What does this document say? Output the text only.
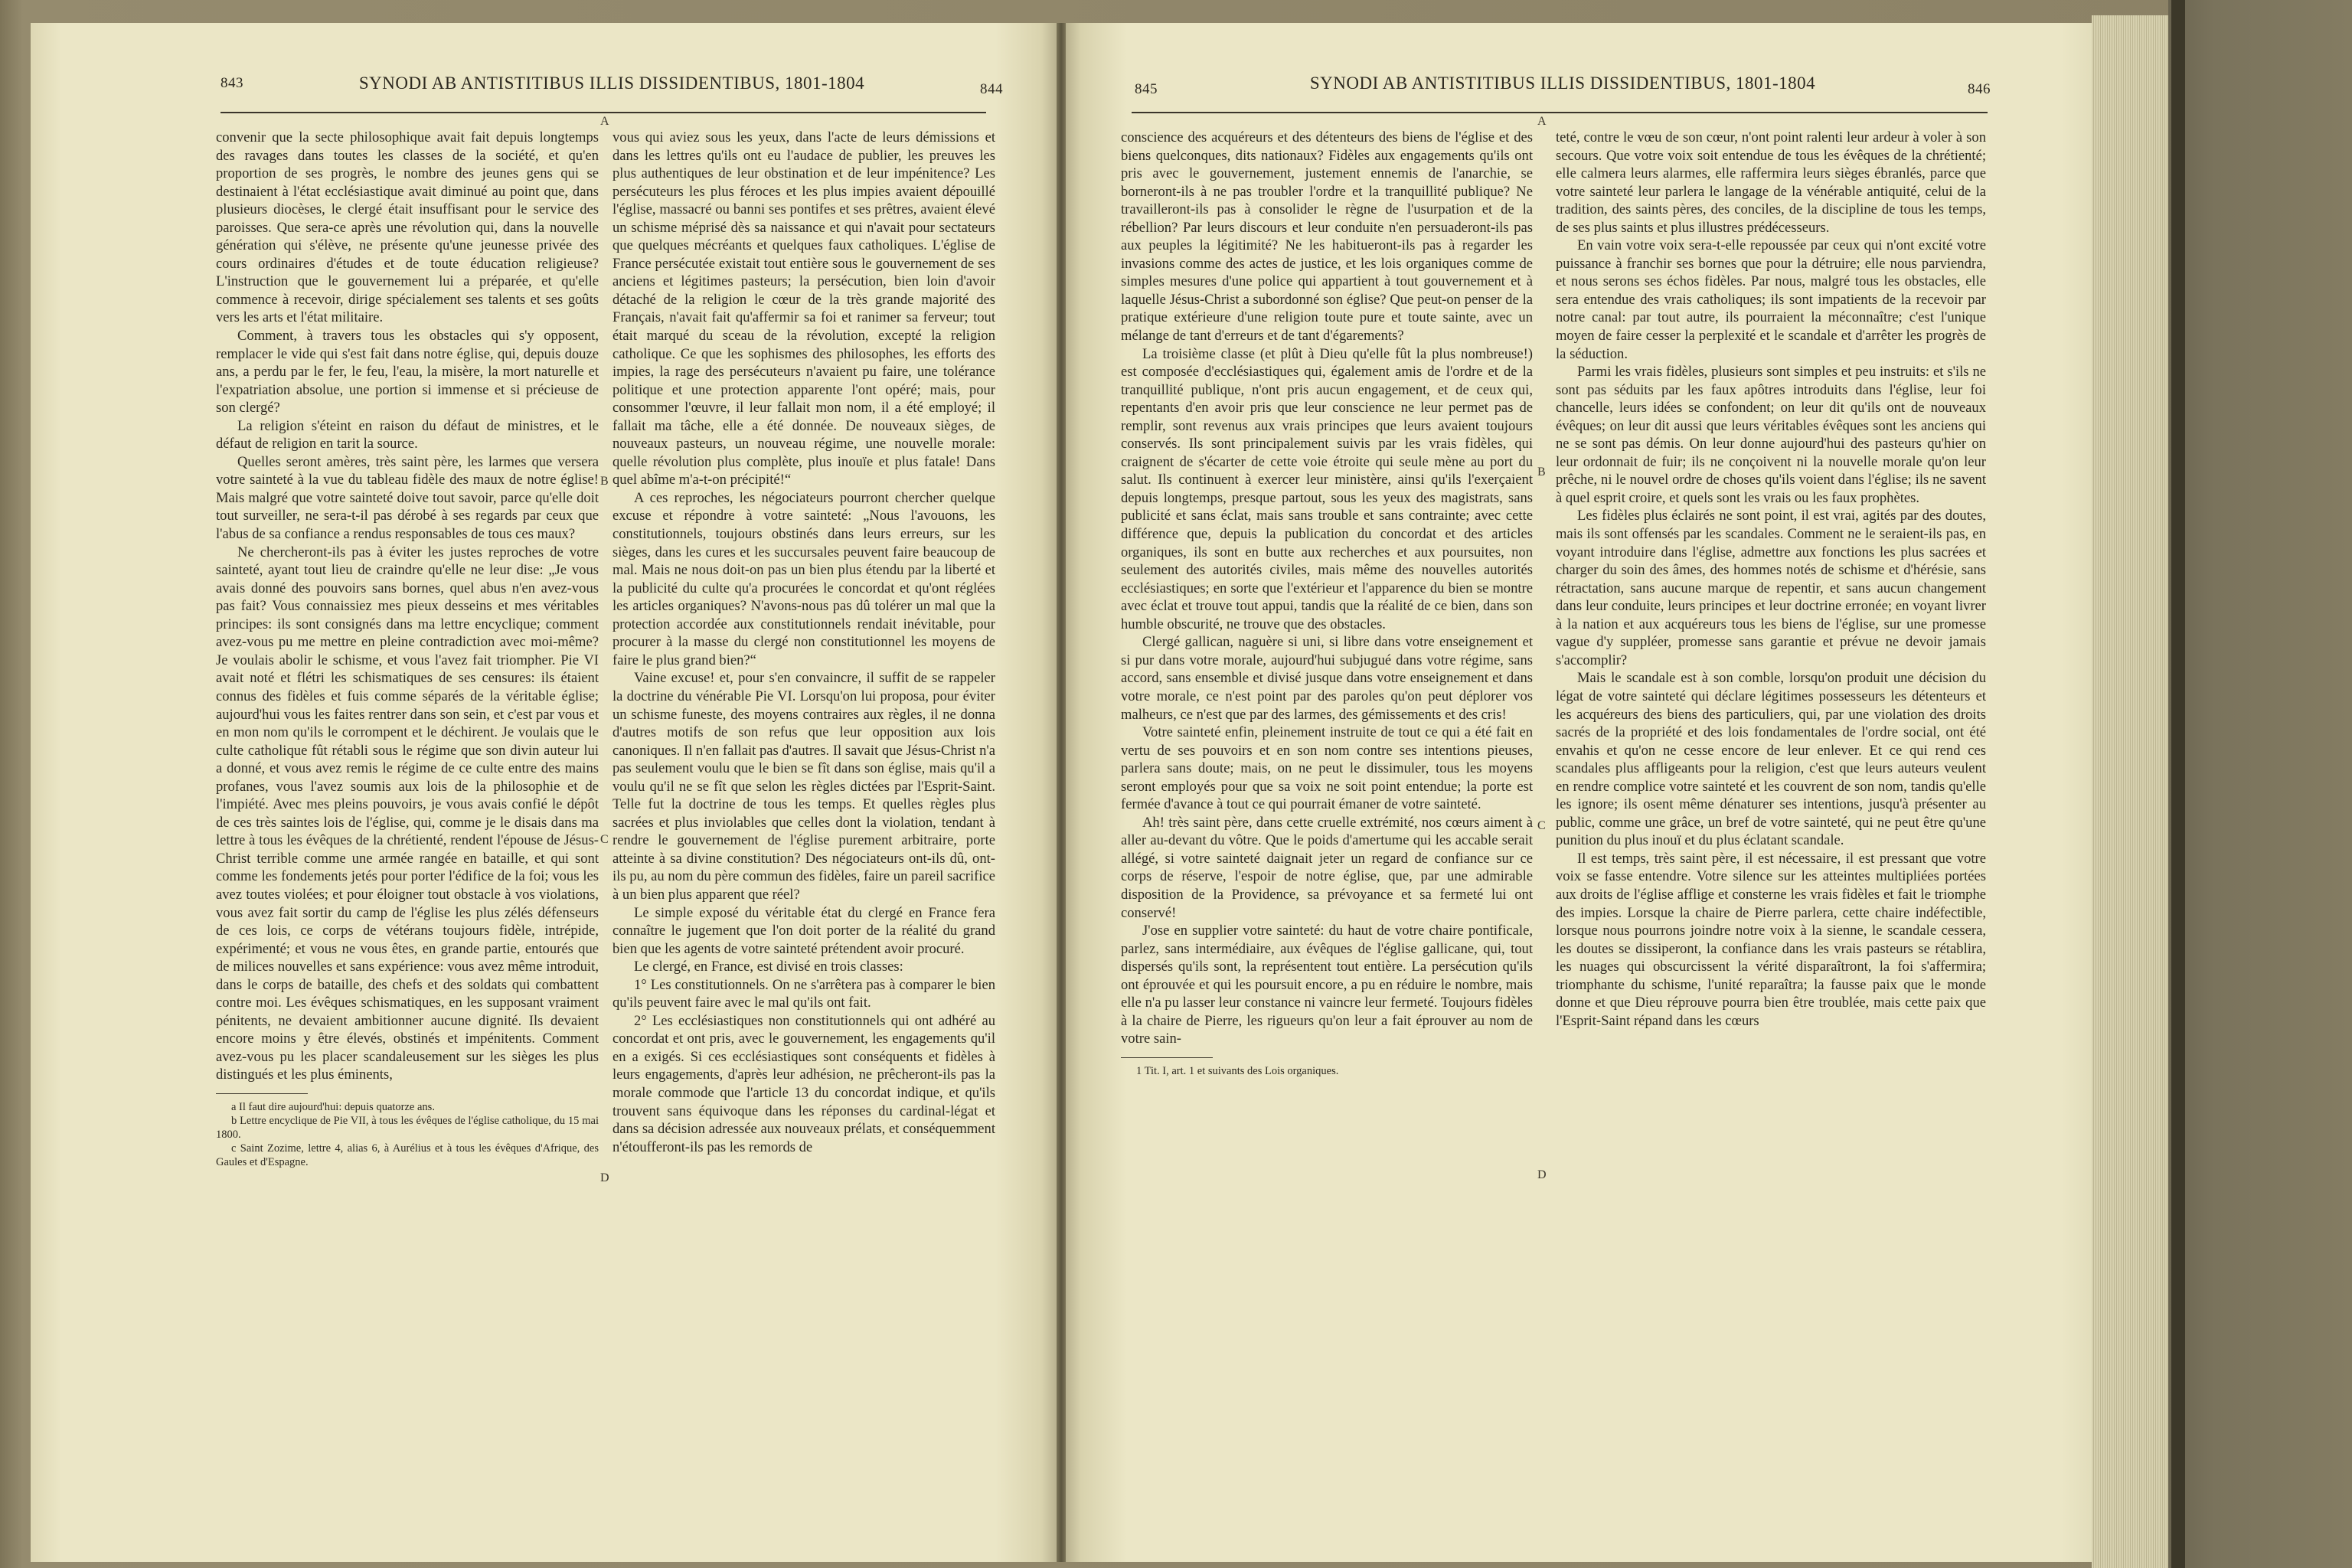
843	SYNODI AB ANTISTITIBUS ILLIS DISSIDENTIBUS, 1801-1804	844

convenir que la secte philosophique avait fait depuis longtemps des ravages dans toutes les classes de la société, et qu'en proportion de ses progrès, le nombre des jeunes gens qui se destinaient à l'état ecclésiastique avait diminué au point que, dans plusieurs diocèses, le clergé était insuffisant pour le service des paroisses. Que sera-ce après une révolution qui, dans la nouvelle génération qui s'élève, ne présente qu'une jeunesse privée des cours ordinaires d'études et de toute éducation religieuse? L'instruction que le gouvernement lui a préparée, et qu'elle commence à recevoir, dirige spécialement ses talents et ses goûts vers les arts et l'état militaire.

Comment, à travers tous les obstacles qui s'y opposent, remplacer le vide qui s'est fait dans notre église, qui, depuis douze ans, a perdu par le fer, le feu, l'eau, la misère, la mort naturelle et l'expatriation absolue, une portion si immense et si précieuse de son clergé?

La religion s'éteint en raison du défaut de ministres, et le défaut de religion en tarit la source.

Quelles seront amères, très saint père, les larmes que versera votre sainteté à la vue du tableau fidèle des maux de notre église! Mais malgré que votre sainteté doive tout savoir, parce qu'elle doit tout surveiller, ne sera-t-il pas dérobé à ses regards par ceux que l'abus de sa confiance a rendus responsables de tous ces maux?

Ne chercheront-ils pas à éviter les justes reproches de votre sainteté, ayant tout lieu de craindre qu'elle ne leur dise: „Je vous avais donné des pouvoirs sans bornes, quel abus n'en avez-vous pas fait? Vous connaissiez mes pieux desseins et mes véritables principes: ils sont consignés dans ma lettre encyclique; comment avez-vous pu me mettre en pleine contradiction avec moi-même? Je voulais abolir le schisme, et vous l'avez fait triompher. Pie VI avait noté et flétri les schismatiques de ses censures: ils étaient connus des fidèles et fuis comme séparés de la véritable église; aujourd'hui vous les faites rentrer dans son sein, et c'est par vous et en mon nom qu'ils le corrompent et le déchirent. Je voulais que le culte catholique fût rétabli sous le régime que son divin auteur lui a donné, et vous avez remis le régime de ce culte entre des mains profanes, vous l'avez soumis aux lois de la philosophie et de l'impiété. Avec mes pleins pouvoirs, je vous avais confié le dépôt de ces très saintes lois de l'église, qui, comme je le disais dans ma lettre à tous les évêques de la chrétienté, rendent l'épouse de Jésus-Christ terrible comme une armée rangée en bataille, et qui sont comme les fondements jetés pour porter l'édifice de la foi; vous les avez toutes violées; et pour éloigner tout obstacle à vos violations, vous avez fait sortir du camp de l'église les plus zélés défenseurs de ces lois, ce corps de vétérans toujours fidèle, intrépide, expérimenté; et vous ne vous êtes, en grande partie, entourés que de milices nouvelles et sans expérience: vous avez même introduit, dans le corps de bataille, des chefs et des soldats qui combattent contre moi. Les évêques schismatiques, en les supposant vraiment pénitents, ne devaient ambitionner aucune dignité. Ils devaient encore moins y être élevés, obstinés et impénitents. Comment avez-vous pu les placer scandaleusement sur les sièges les plus distingués et les plus éminents,

a Il faut dire aujourd'hui: depuis quatorze ans.

b Lettre encyclique de Pie VII, à tous les évêques de l'église catholique, du 15 mai 1800.

c Saint Zozime, lettre 4, alias 6, à Aurélius et à tous les évêques d'Afrique, des Gaules et d'Espagne.

vous qui aviez sous les yeux, dans l'acte de leurs démissions et dans les lettres qu'ils ont eu l'audace de publier, les preuves les plus authentiques de leur obstination et de leur impénitence? Les persécuteurs les plus féroces et les plus impies avaient dépouillé l'église, massacré ou banni ses pontifes et ses prêtres, avaient élevé un schisme méprisé dès sa naissance et qui n'avait pour sectateurs que quelques mécréants et quelques faux catholiques. L'église de France persécutée existait tout entière sous le gouvernement de ses anciens et légitimes pasteurs; la persécution, bien loin d'avoir détaché de la religion le cœur de la très grande majorité des Français, n'avait fait qu'affermir sa foi et ranimer sa ferveur; tout était marqué du sceau de la révolution, excepté la religion catholique. Ce que les sophismes des philosophes, les efforts des impies, la rage des persécuteurs n'avaient pu faire, une tolérance politique et une protection apparente l'ont opéré; mais, pour consommer l'œuvre, il leur fallait mon nom, il a été employé; il fallait ma tâche, elle a été donnée. De nouveaux sièges, de nouveaux pasteurs, un nouveau régime, une nouvelle morale: quelle révolution plus complète, plus inouïe et plus fatale! Dans quel abîme m'a-t-on précipité!“

A ces reproches, les négociateurs pourront chercher quelque excuse et répondre à votre sainteté: „Nous l'avouons, les constitutionnels, toujours obstinés dans leurs erreurs, sur les sièges, dans les cures et les succursales peuvent faire beaucoup de mal. Mais ne nous doit-on pas un bien plus étendu par la liberté et la publicité du culte qu'a procurées le concordat et qu'ont réglées les articles organiques? N'avons-nous pas dû tolérer un mal que la protection accordée aux constitutionnels rendait inévitable, pour procurer à la masse du clergé non constitutionnel les moyens de faire le plus grand bien?“

Vaine excuse! et, pour s'en convaincre, il suffit de se rappeler la doctrine du vénérable Pie VI. Lorsqu'on lui proposa, pour éviter un schisme funeste, des moyens contraires aux règles, il ne donna d'autres motifs de son refus que leur opposition aux lois canoniques. Il n'en fallait pas d'autres. Il savait que Jésus-Christ n'a pas seulement voulu que le bien se fît dans son église, mais qu'il a voulu qu'il ne se fît que selon les règles dictées par l'Esprit-Saint. Telle fut la doctrine de tous les temps. Et quelles règles plus sacrées et plus inviolables que celles dont la violation, tendant à rendre le gouvernement de l'église purement arbitraire, porte atteinte à sa divine constitution? Des négociateurs ont-ils dû, ont-ils pu, au nom du père commun des fidèles, faire un pareil sacrifice à un bien plus apparent que réel?

Le simple exposé du véritable état du clergé en France fera connaître le jugement que l'on doit porter de la réalité du grand bien que les agents de votre sainteté prétendent avoir procuré.

Le clergé, en France, est divisé en trois classes:

1° Les constitutionnels. On ne s'arrêtera pas à comparer le bien qu'ils peuvent faire avec le mal qu'ils ont fait.

2° Les ecclésiastiques non constitutionnels qui ont adhéré au concordat et ont pris, avec le gouvernement, les engagements qu'il en a exigés. Si ces ecclésiastiques sont conséquents et fidèles à leurs engagements, d'après leur adhésion, ne prêcheront-ils pas la morale commode que l'article 13 du concordat indique, et qu'ils trouvent sans équivoque dans les réponses du cardinal-légat et dans sa décision adressée aux nouveaux prélats, et conséquemment n'étoufferont-ils pas les remords de

A
B
C
D
845	SYNODI AB ANTISTITIBUS ILLIS DISSIDENTIBUS, 1801-1804	846

conscience des acquéreurs et des détenteurs des biens de l'église et des biens quelconques, dits nationaux? Fidèles aux engagements qu'ils ont pris avec le gouvernement, justement ennemis de l'anarchie, se borneront-ils à ne pas troubler l'ordre et la tranquillité publique? Ne travailleront-ils pas à consolider le règne de l'usurpation et de la rébellion? Par leurs discours et leur conduite n'en persuaderont-ils pas aux peuples la légitimité? Ne les habitueront-ils pas à regarder les invasions comme des actes de justice, et les lois organiques comme de simples mesures d'une police qui appartient à tout gouvernement et à laquelle Jésus-Christ a subordonné son église? Que peut-on penser de la pratique extérieure d'une religion toute pure et toute sainte, avec un mélange de tant d'erreurs et de tant d'égarements?

La troisième classe (et plût à Dieu qu'elle fût la plus nombreuse!) est composée d'ecclésiastiques qui, également amis de l'ordre et de la tranquillité publique, n'ont pris aucun engagement, et de ceux qui, repentants d'en avoir pris que leur conscience ne leur permet pas de remplir, sont revenus aux vrais principes que leurs avaient toujours conservés. Ils sont principalement suivis par les vrais fidèles, qui craignent de s'écarter de cette voie étroite qui seule mène au port du salut. Ils continuent à exercer leur ministère, ainsi qu'ils l'exerçaient depuis longtemps, presque partout, sous les yeux des magistrats, sans publicité et sans éclat, mais sans trouble et sans contrainte; avec cette différence que, depuis la publication du concordat et des articles organiques, ils sont en butte aux recherches et aux poursuites, non seulement des autorités civiles, mais même des nouvelles autorités ecclésiastiques; en sorte que l'extérieur et l'apparence du bien se montre avec éclat et trouve tout appui, tandis que la réalité de ce bien, dans son humble obscurité, ne trouve que des obstacles.

Clergé gallican, naguère si uni, si libre dans votre enseignement et si pur dans votre morale, aujourd'hui subjugué dans votre régime, sans accord, sans ensemble et divisé jusque dans votre enseignement et dans votre morale, ce n'est point par des paroles qu'on peut déplorer vos malheurs, ce n'est que par des larmes, des gémissements et des cris!

Votre sainteté enfin, pleinement instruite de tout ce qui a été fait en vertu de ses pouvoirs et en son nom contre ses intentions pieuses, parlera sans doute; mais, on ne peut le dissimuler, tous les moyens seront employés pour que sa voix ne soit point entendue; la porte est fermée d'avance à tout ce qui pourrait émaner de votre sainteté.

Ah! très saint père, dans cette cruelle extrémité, nos cœurs aiment à aller au-devant du vôtre. Que le poids d'amertume qui les accable serait allégé, si votre sainteté daignait jeter un regard de confiance sur ce corps de réserve, l'espoir de notre église, que, par une admirable disposition de la Providence, sa prévoyance et sa fermeté lui ont conservé!

J'ose en supplier votre sainteté: du haut de votre chaire pontificale, parlez, sans intermédiaire, aux évêques de l'église gallicane, qui, tout dispersés qu'ils sont, la représentent tout entière. La persécution qu'ils ont éprouvée et qui les poursuit encore, a pu en réduire le nombre, mais elle n'a pu lasser leur constance ni vaincre leur fermeté. Toujours fidèles à la chaire de Pierre, les rigueurs qu'on leur a fait éprouver au nom de votre sain-

1 Tit. I, art. 1 et suivants des Lois organiques.

teté, contre le vœu de son cœur, n'ont point ralenti leur ardeur à voler à son secours. Que votre voix soit entendue de tous les évêques de la chrétienté; elle calmera leurs alarmes, elle raffermira leurs sièges ébranlés, parce que votre sainteté leur parlera le langage de la vénérable antiquité, celui de la tradition, des saints pères, des conciles, de la discipline de tous les temps, de ses plus saints et plus illustres prédécesseurs.

En vain votre voix sera-t-elle repoussée par ceux qui n'ont excité votre puissance à franchir ses bornes que pour la détruire; elle nous parviendra, et nous serons ses échos fidèles. Par nous, malgré tous les obstacles, elle sera entendue des vrais catholiques; ils sont impatients de la recevoir par notre canal: par tout autre, ils pourraient la méconnaître; c'est l'unique moyen de faire cesser la perplexité et le scandale et d'arrêter les progrès de la séduction.

Parmi les vrais fidèles, plusieurs sont simples et peu instruits: et s'ils ne sont pas séduits par les faux apôtres introduits dans l'église, leur foi chancelle, leurs idées se confondent; on leur dit qu'ils ont de nouveaux évêques; on leur dit aussi que leurs véritables évêques sont les anciens qui ne se sont pas démis. On leur donne aujourd'hui des pasteurs qu'hier on leur ordonnait de fuir; ils ne conçoivent ni la nouvelle morale qu'on leur prêche, ni le nouvel ordre de choses qu'ils voient dans l'église; ils ne savent à quel esprit croire, et quels sont les vrais ou les faux prophètes.

Les fidèles plus éclairés ne sont point, il est vrai, agités par des doutes, mais ils sont offensés par les scandales. Comment ne le seraient-ils pas, en voyant introduire dans l'église, admettre aux fonctions les plus sacrées et charger du soin des âmes, des hommes notés de schisme et d'hérésie, sans rétractation, sans aucune marque de repentir, et sans aucun changement dans leur conduite, leurs principes et leur doctrine erronée; en voyant livrer à la nation et aux acquéreurs tous les biens de l'église, sur une promesse vague d'y suppléer, promesse sans garantie et prévue ne devoir jamais s'accomplir?

Mais le scandale est à son comble, lorsqu'on produit une décision du légat de votre sainteté qui déclare légitimes possesseurs les détenteurs et les acquéreurs des biens des particuliers, qui, par une violation des droits sacrés de la propriété et des lois fondamentales de l'ordre social, ont été envahis et qu'on ne cesse encore de leur enlever. Et ce qui rend ces scandales plus affligeants pour la religion, c'est que leurs auteurs veulent en rendre complice votre sainteté et les couvrent de son nom, tandis qu'elle les ignore; ils osent même dénaturer ses intentions, jusqu'à présenter au public, comme une grâce, un bref de votre sainteté, qui ne peut être qu'une punition du plus inouï et du plus éclatant scandale.

Il est temps, très saint père, il est nécessaire, il est pressant que votre voix se fasse entendre. Votre silence sur les atteintes multipliées portées aux droits de l'église afflige et consterne les vrais fidèles et fait le triomphe des impies. Lorsque la chaire de Pierre parlera, cette chaire indéfectible, lorsque nous pourrons joindre notre voix à la sienne, le scandale cessera, les doutes se dissiperont, la confiance dans les vrais pasteurs se rétablira, les nuages qui obscurcissent la vérité disparaîtront, la foi s'affermira; triomphante du schisme, l'unité reparaîtra; la fausse paix que le monde donne et que Dieu réprouve pourra bien être troublée, mais cette paix que l'Esprit-Saint répand dans les cœurs

A
B
C
D
